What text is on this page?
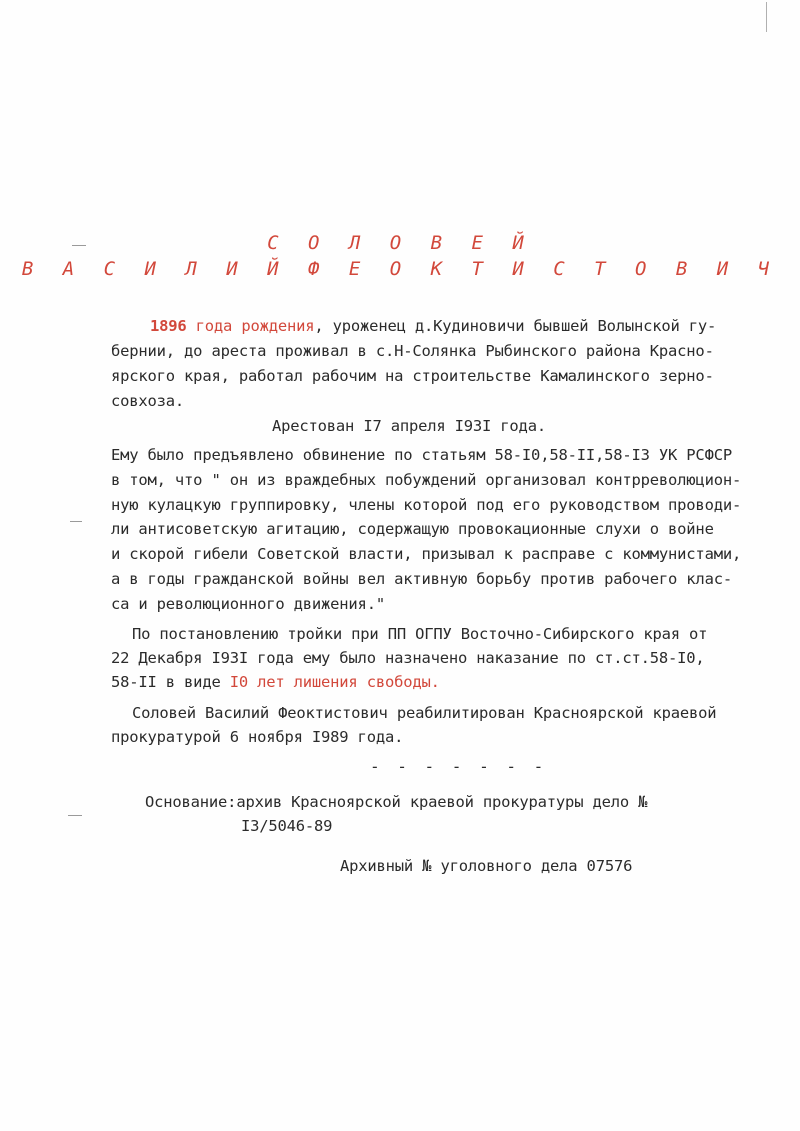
С О Л О В Е Й
В А С И Л И Й Ф Е О К Т И С Т О В И Ч
1896 года рождения, уроженец д.Кудиновичи бывшей Волынской гу-
бернии, до ареста проживал в с.Н-Солянка Рыбинского района Красно-
ярского края, работал рабочим на строительстве Камалинского зерно-
совхоза.
Арестован I7 апреля I93I года.
Ему было предъявлено обвинение по статьям 58-I0,58-II,58-I3 УК РСФСР
в том, что " он из враждебных побуждений организовал контрреволюцион-
ную кулацкую группировку, члены которой под его руководством проводи-
ли антисоветскую агитацию, содержащую провокационные слухи о войне
и скорой гибели Советской власти, призывал к расправе с коммунистами,
а в годы гражданской войны вел активную борьбу против рабочего клас-
са и революционного движения."
По постановлению тройки при ПП ОГПУ Восточно-Сибирского края от
22 Декабря I93I года ему было назначено наказание по ст.ст.58-I0,
58-II в виде I0 лет лишения свободы.
Соловей Василий Феоктистович реабилитирован Красноярской краевой
прокуратурой 6 ноября I989 года.
- - - - - - -
Основание:архив Красноярской краевой прокуратуры дело №
I3/5046-89
Архивный № уголовного дела 07576
